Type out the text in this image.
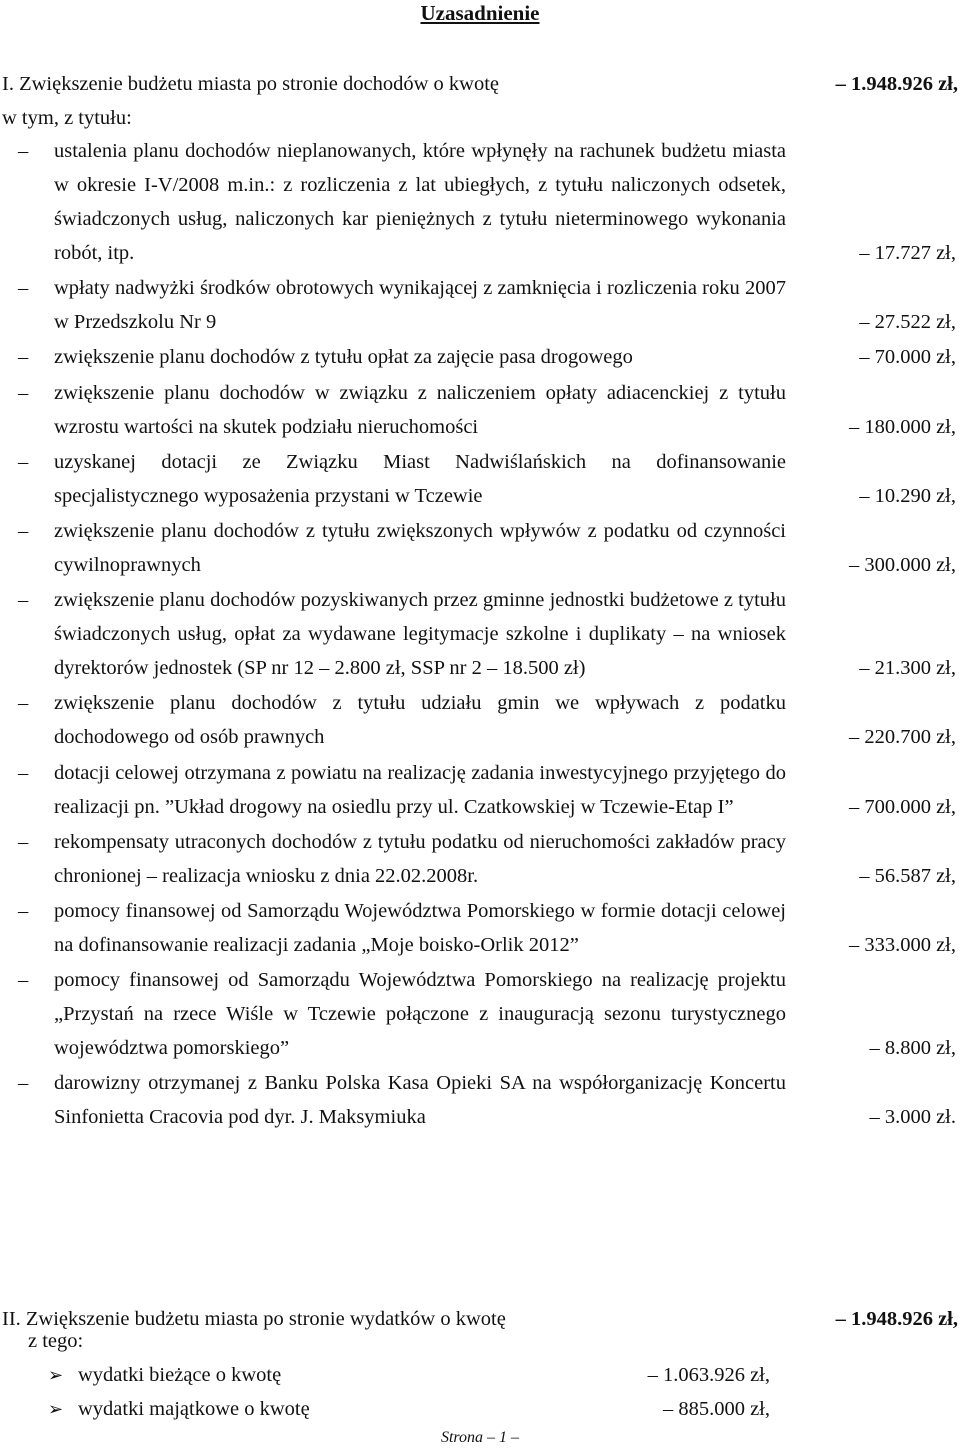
Uzasadnienie
I. Zwiększenie budżetu miasta po stronie dochodów o kwotę	– 1.948.926 zł,
w tym, z tytułu:
–	ustalenia planu dochodów nieplanowanych, które wpłynęły na rachunek budżetu miasta w okresie I-V/2008 m.in.: z rozliczenia z lat ubiegłych, z tytułu naliczonych odsetek, świadczonych usług, naliczonych kar pieniężnych z tytułu nieterminowego wykonania robót, itp.	– 17.727 zł,
–	wpłaty nadwyżki środków obrotowych wynikającej z zamknięcia i rozliczenia roku 2007 w Przedszkolu Nr 9	– 27.522 zł,
–	zwiększenie planu dochodów z tytułu opłat za zajęcie pasa drogowego	– 70.000 zł,
–	zwiększenie planu dochodów w związku z naliczeniem opłaty adiacenckiej z tytułu wzrostu wartości na skutek podziału nieruchomości	– 180.000 zł,
–	uzyskanej dotacji ze Związku Miast Nadwiślańskich na dofinansowanie specjalistycznego wyposażenia przystani w Tczewie	– 10.290 zł,
–	zwiększenie planu dochodów z tytułu zwiększonych wpływów z podatku od czynności cywilnoprawnych	– 300.000 zł,
–	zwiększenie planu dochodów pozyskiwanych przez gminne jednostki budżetowe z tytułu świadczonych usług, opłat za wydawane legitymacje szkolne i duplikaty – na wniosek dyrektorów jednostek (SP nr 12 – 2.800 zł, SSP nr 2 – 18.500 zł)	– 21.300 zł,
–	zwiększenie planu dochodów z tytułu udziału gmin we wpływach z podatku dochodowego od osób prawnych	– 220.700 zł,
–	dotacji celowej otrzymana z powiatu na realizację zadania inwestycyjnego przyjętego do realizacji pn. ”Układ drogowy na osiedlu przy ul. Czatkowskiej w Tczewie-Etap I”	– 700.000 zł,
–	rekompensaty utraconych dochodów z tytułu podatku od nieruchomości zakładów pracy chronionej – realizacja wniosku z dnia 22.02.2008r.	– 56.587 zł,
–	pomocy finansowej od Samorządu Województwa Pomorskiego w formie dotacji celowej na dofinansowanie realizacji zadania „Moje boisko-Orlik 2012”	– 333.000 zł,
–	pomocy finansowej od Samorządu Województwa Pomorskiego na realizację projektu „Przystań na rzece Wiśle w Tczewie połączone z inauguracją sezonu turystycznego województwa pomorskiego”	– 8.800 zł,
–	darowizny otrzymanej z Banku Polska Kasa Opieki SA na współorganizację Koncertu Sinfonietta Cracovia pod dyr. J. Maksymiuka	– 3.000 zł.
II. Zwiększenie budżetu miasta po stronie wydatków o kwotę	– 1.948.926 zł,
z tego:
➢ wydatki bieżące o kwotę	– 1.063.926 zł,
➢ wydatki majątkowe o kwotę	– 885.000 zł,
Strona – 1 –
